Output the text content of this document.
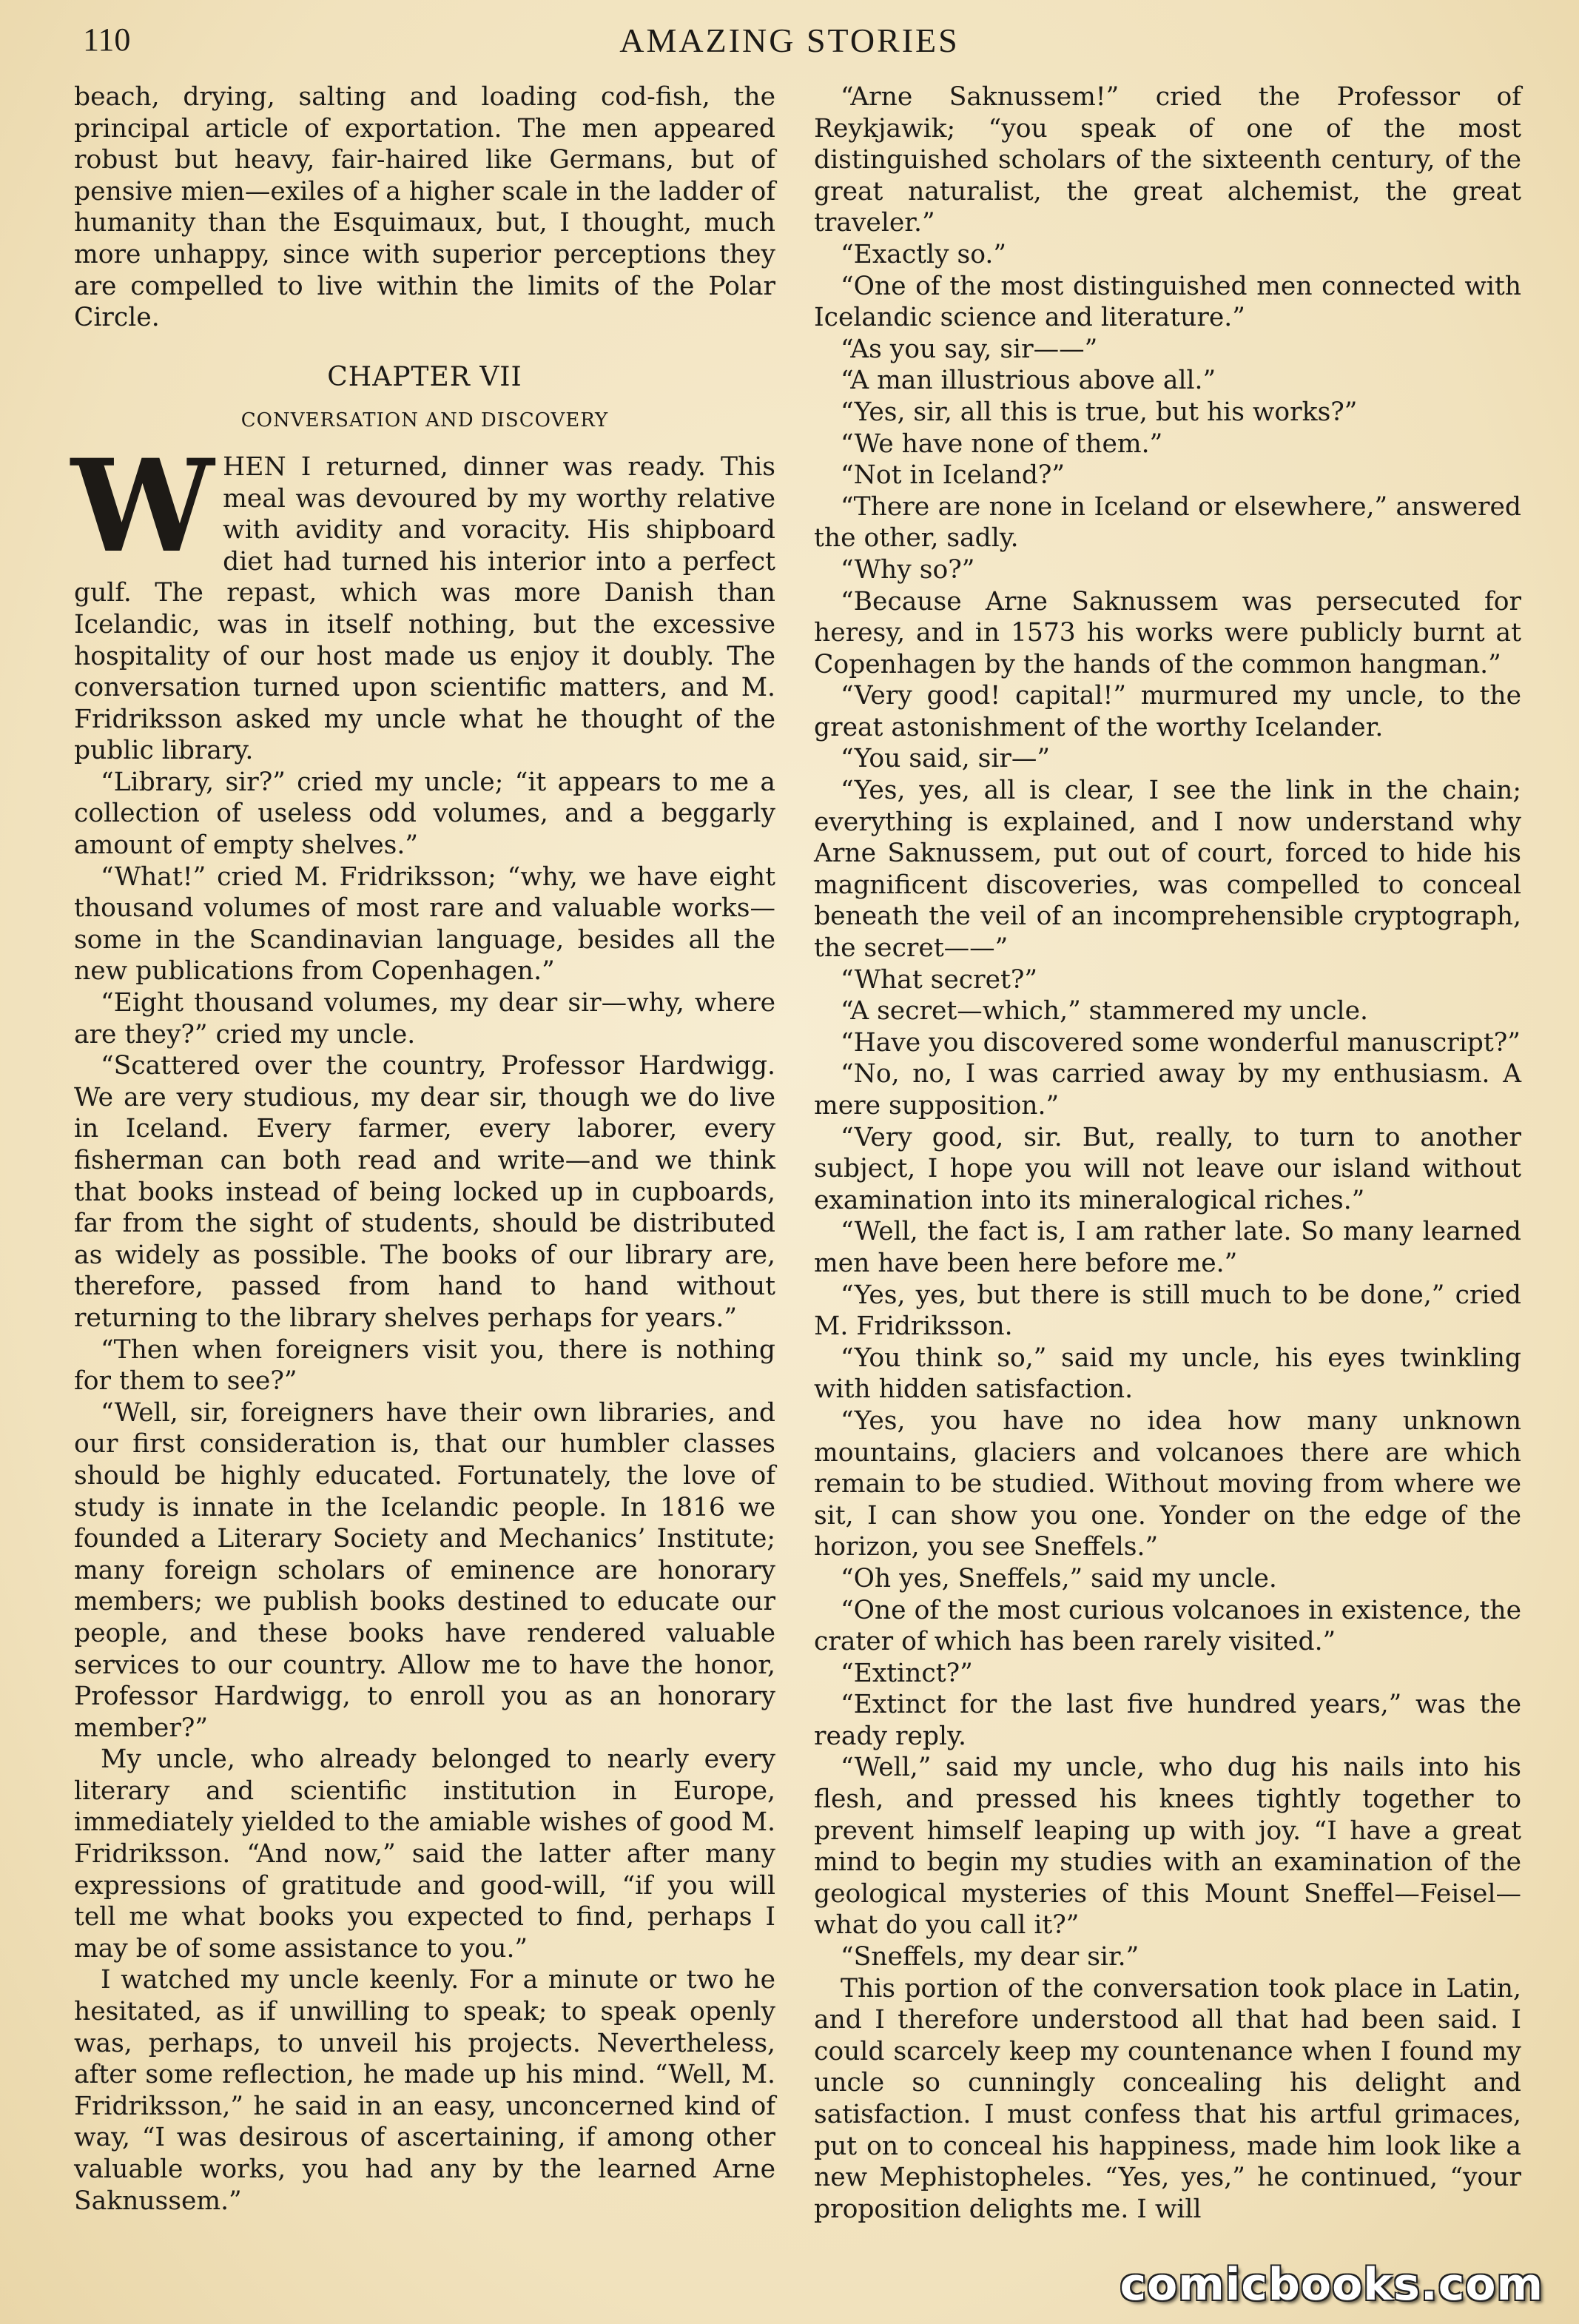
110	AMAZING STORIES

beach, drying, salting and loading cod-fish, the principal article of exportation. The men appeared robust but heavy, fair-haired like Germans, but of pensive mien—exiles of a higher scale in the ladder of humanity than the Esquimaux, but, I thought, much more unhappy, since with superior perceptions they are compelled to live within the limits of the Polar Circle.

CHAPTER VII
CONVERSATION AND DISCOVERY

WHEN I returned, dinner was ready. This meal was devoured by my worthy relative with avidity and voracity. His shipboard diet had turned his interior into a perfect gulf. The repast, which was more Danish than Icelandic, was in itself nothing, but the excessive hospitality of our host made us enjoy it doubly. The conversation turned upon scientific matters, and M. Fridriksson asked my uncle what he thought of the public library.

“Library, sir?” cried my uncle; “it appears to me a collection of useless odd volumes, and a beggarly amount of empty shelves.”

“What!” cried M. Fridriksson; “why, we have eight thousand volumes of most rare and valuable works—some in the Scandinavian language, besides all the new publications from Copenhagen.”

“Eight thousand volumes, my dear sir—why, where are they?” cried my uncle.

“Scattered over the country, Professor Hardwigg. We are very studious, my dear sir, though we do live in Iceland. Every farmer, every laborer, every fisherman can both read and write—and we think that books instead of being locked up in cupboards, far from the sight of students, should be distributed as widely as possible. The books of our library are, therefore, passed from hand to hand without returning to the library shelves perhaps for years.”

“Then when foreigners visit you, there is nothing for them to see?”

“Well, sir, foreigners have their own libraries, and our first consideration is, that our humbler classes should be highly educated. Fortunately, the love of study is innate in the Icelandic people. In 1816 we founded a Literary Society and Mechanics’ Institute; many foreign scholars of eminence are honorary members; we publish books destined to educate our people, and these books have rendered valuable services to our country. Allow me to have the honor, Professor Hardwigg, to enroll you as an honorary member?”

My uncle, who already belonged to nearly every literary and scientific institution in Europe, immediately yielded to the amiable wishes of good M. Fridriksson. “And now,” said the latter after many expressions of gratitude and good-will, “if you will tell me what books you expected to find, perhaps I may be of some assistance to you.”

I watched my uncle keenly. For a minute or two he hesitated, as if unwilling to speak; to speak openly was, perhaps, to unveil his projects. Nevertheless, after some reflection, he made up his mind. “Well, M. Fridriksson,” he said in an easy, unconcerned kind of way, “I was desirous of ascertaining, if among other valuable works, you had any by the learned Arne Saknussem.”

“Arne Saknussem!” cried the Professor of Reykjawik; “you speak of one of the most distinguished scholars of the sixteenth century, of the great naturalist, the great alchemist, the great traveler.”

“Exactly so.”

“One of the most distinguished men connected with Icelandic science and literature.”

“As you say, sir——”

“A man illustrious above all.”

“Yes, sir, all this is true, but his works?”

“We have none of them.”

“Not in Iceland?”

“There are none in Iceland or elsewhere,” answered the other, sadly.

“Why so?”

“Because Arne Saknussem was persecuted for heresy, and in 1573 his works were publicly burnt at Copenhagen by the hands of the common hangman.”

“Very good! capital!” murmured my uncle, to the great astonishment of the worthy Icelander.

“You said, sir—”

“Yes, yes, all is clear, I see the link in the chain; everything is explained, and I now understand why Arne Saknussem, put out of court, forced to hide his magnificent discoveries, was compelled to conceal beneath the veil of an incomprehensible cryptograph, the secret——”

“What secret?”

“A secret—which,” stammered my uncle.

“Have you discovered some wonderful manuscript?”

“No, no, I was carried away by my enthusiasm. A mere supposition.”

“Very good, sir. But, really, to turn to another subject, I hope you will not leave our island without examination into its mineralogical riches.”

“Well, the fact is, I am rather late. So many learned men have been here before me.”

“Yes, yes, but there is still much to be done,” cried M. Fridriksson.

“You think so,” said my uncle, his eyes twinkling with hidden satisfaction.

“Yes, you have no idea how many unknown mountains, glaciers and volcanoes there are which remain to be studied. Without moving from where we sit, I can show you one. Yonder on the edge of the horizon, you see Sneffels.”

“Oh yes, Sneffels,” said my uncle.

“One of the most curious volcanoes in existence, the crater of which has been rarely visited.”

“Extinct?”

“Extinct for the last five hundred years,” was the ready reply.

“Well,” said my uncle, who dug his nails into his flesh, and pressed his knees tightly together to prevent himself leaping up with joy. “I have a great mind to begin my studies with an examination of the geological mysteries of this Mount Sneffel—Feisel—what do you call it?”

“Sneffels, my dear sir.”

This portion of the conversation took place in Latin, and I therefore understood all that had been said. I could scarcely keep my countenance when I found my uncle so cunningly concealing his delight and satisfaction. I must confess that his artful grimaces, put on to conceal his happiness, made him look like a new Mephistopheles. “Yes, yes,” he continued, “your proposition delights me. I will

comicbooks.com
